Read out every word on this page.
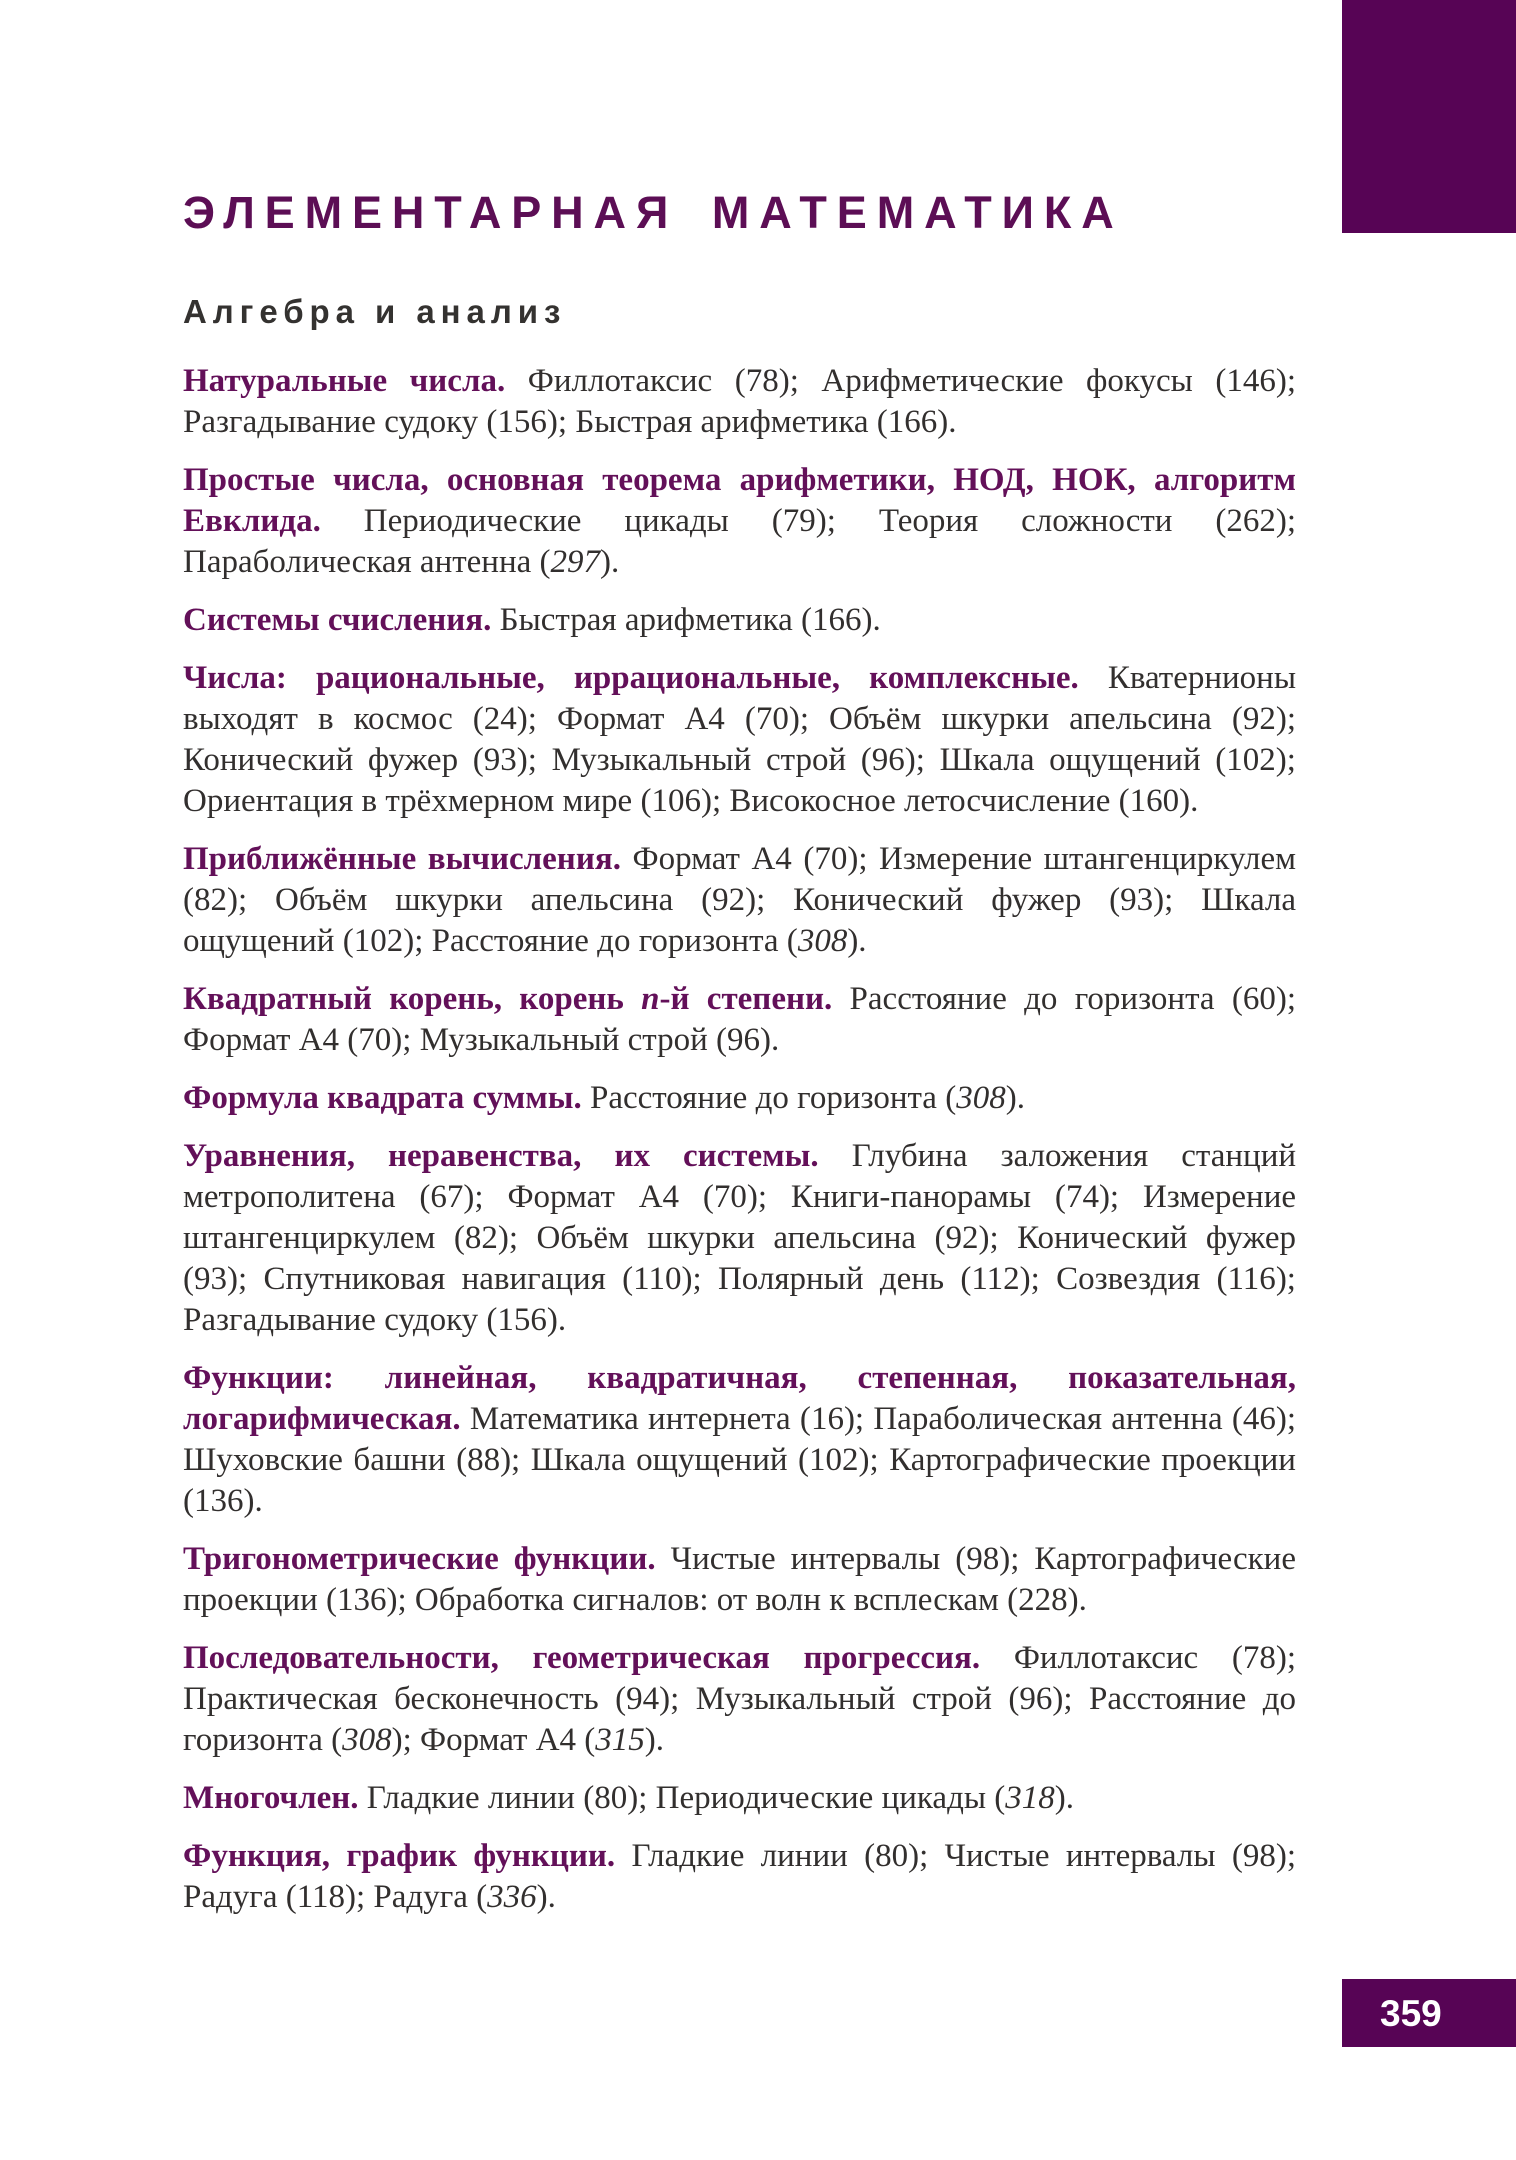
ЭЛЕМЕНТАРНАЯ МАТЕМАТИКА
Алгебра и анализ

Натуральные числа. Филлотаксис (78); Арифметические фокусы (146); Разгадывание судоку (156); Быстрая арифметика (166).

Простые числа, основная теорема арифметики, НОД, НОК, алгоритм Евклида. Периодические цикады (79); Теория сложности (262); Параболическая антенна (297).

Системы счисления. Быстрая арифметика (166).

Числа: рациональные, иррациональные, комплексные. Кватернионы выходят в космос (24); Формат А4 (70); Объём шкурки апельсина (92); Конический фужер (93); Музыкальный строй (96); Шкала ощущений (102); Ориентация в трёхмерном мире (106); Високосное летосчисление (160).

Приближённые вычисления. Формат А4 (70); Измерение штангенциркулем (82); Объём шкурки апельсина (92); Конический фужер (93); Шкала ощущений (102); Расстояние до горизонта (308).

Квадратный корень, корень n-й степени. Расстояние до горизонта (60); Формат А4 (70); Музыкальный строй (96).

Формула квадрата суммы. Расстояние до горизонта (308).

Уравнения, неравенства, их системы. Глубина заложения станций метрополитена (67); Формат А4 (70); Книги-панорамы (74); Измерение штангенциркулем (82); Объём шкурки апельсина (92); Конический фужер (93); Спутниковая навигация (110); Полярный день (112); Созвездия (116); Разгадывание судоку (156).

Функции: линейная, квадратичная, степенная, показательная, логарифмическая. Математика интернета (16); Параболическая антенна (46); Шуховские башни (88); Шкала ощущений (102); Картографические проекции (136).

Тригонометрические функции. Чистые интервалы (98); Картографические проекции (136); Обработка сигналов: от волн к всплескам (228).

Последовательности, геометрическая прогрессия. Филлотаксис (78); Практическая бесконечность (94); Музыкальный строй (96); Расстояние до горизонта (308); Формат А4 (315).

Многочлен. Гладкие линии (80); Периодические цикады (318).

Функция, график функции. Гладкие линии (80); Чистые интервалы (98); Радуга (118); Радуга (336).

359
